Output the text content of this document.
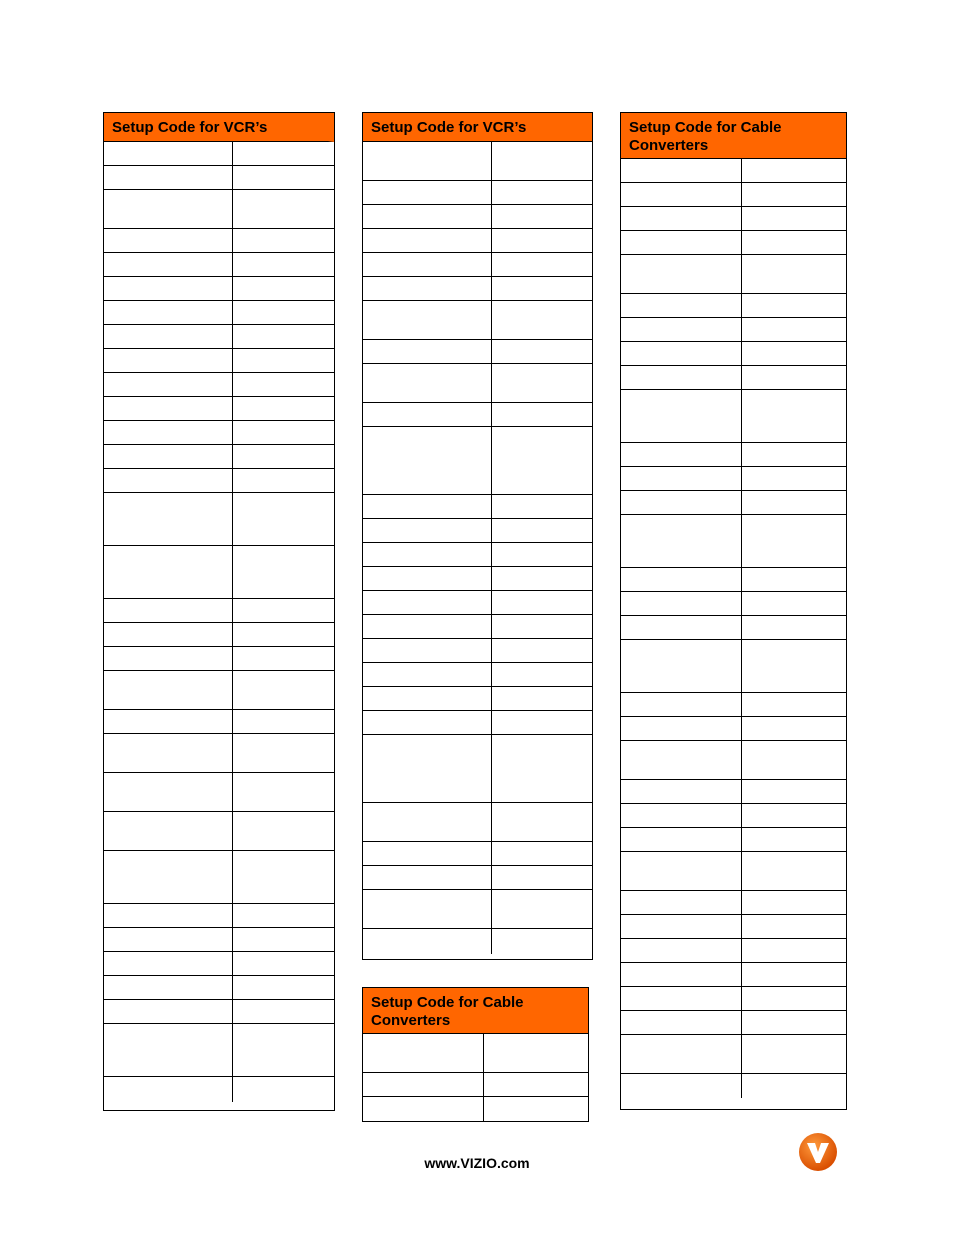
Setup Code for VCR’s	Setup Code for VCR’s	Setup Code for Cable Converters
Setup Code for Cable Converters
www.VIZIO.com
